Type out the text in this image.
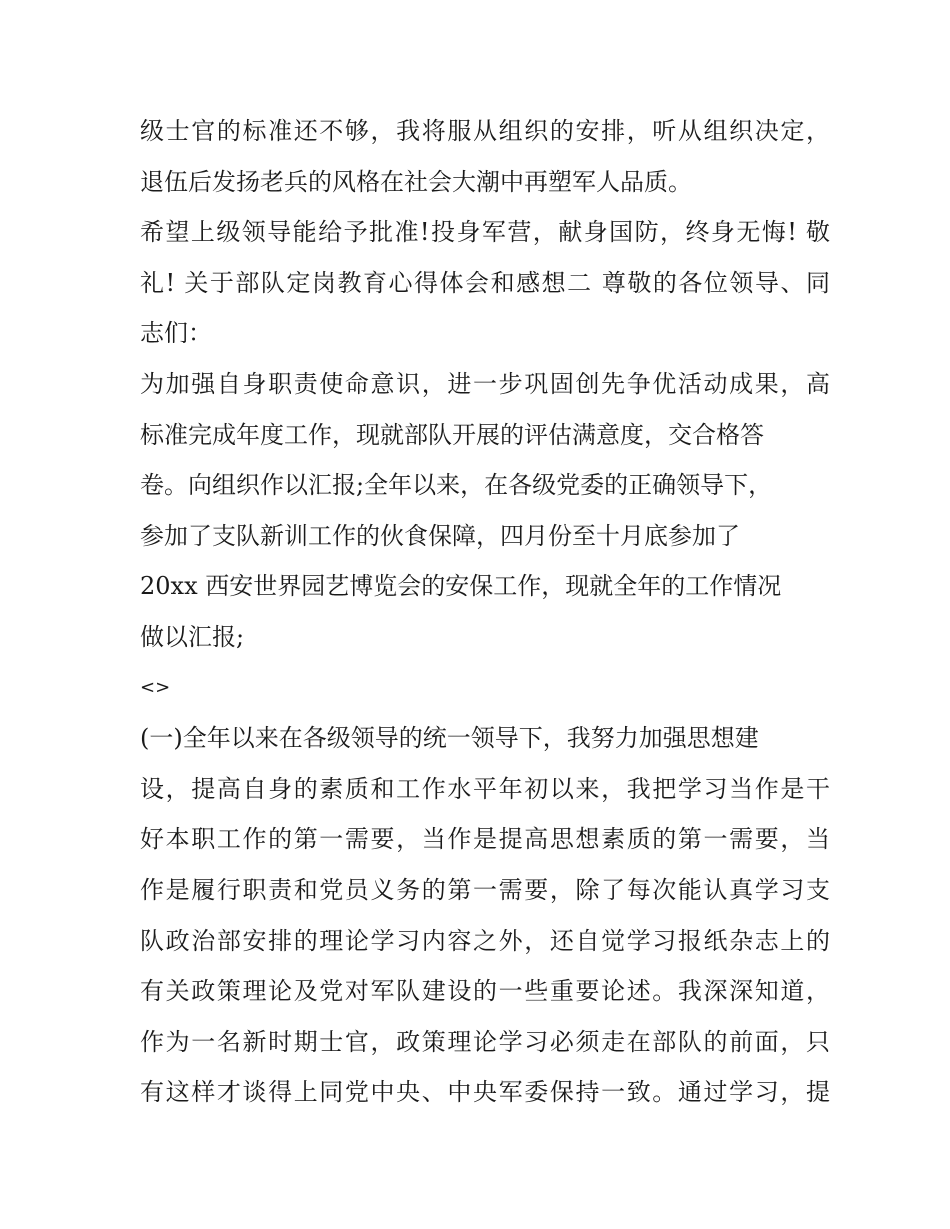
级士官的标准还不够，我将服从组织的安排，听从组织决定，
退伍后发扬老兵的风格在社会大潮中再塑军人品质。
希望上级领导能给予批准!投身军营，献身国防，终身无悔! 敬
礼! 关于部队定岗教育心得体会和感想二 尊敬的各位领导、同
志们：
为加强自身职责使命意识，进一步巩固创先争优活动成果，高
标准完成年度工作，现就部队开展的评估满意度，交合格答
卷。向组织作以汇报;全年以来，在各级党委的正确领导下，
参加了支队新训工作的伙食保障，四月份至十月底参加了
20xx 西安世界园艺博览会的安保工作，现就全年的工作情况
做以汇报;
<>
(一)全年以来在各级领导的统一领导下，我努力加强思想建
设，提高自身的素质和工作水平年初以来，我把学习当作是干
好本职工作的第一需要，当作是提高思想素质的第一需要，当
作是履行职责和党员义务的第一需要，除了每次能认真学习支
队政治部安排的理论学习内容之外，还自觉学习报纸杂志上的
有关政策理论及党对军队建设的一些重要论述。我深深知道，
作为一名新时期士官，政策理论学习必须走在部队的前面，只
有这样才谈得上同党中央、中央军委保持一致。通过学习，提
